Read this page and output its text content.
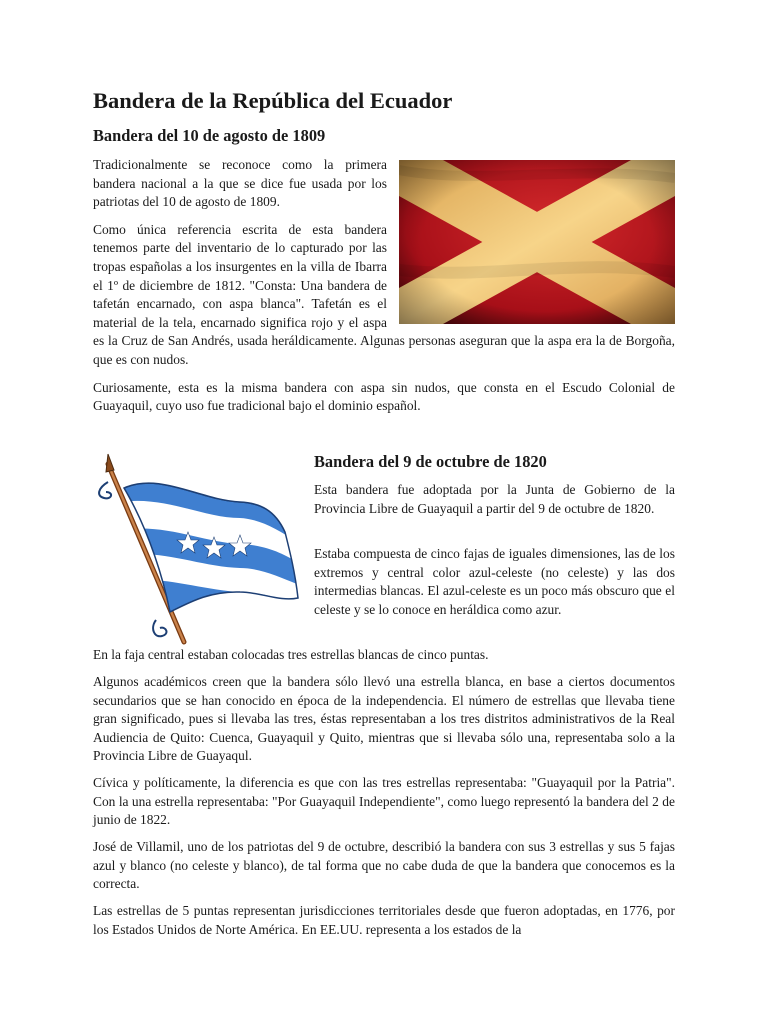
Bandera de la República del Ecuador
Bandera del 10 de agosto de 1809

Tradicionalmente se reconoce como la primera bandera nacional a la que se dice fue usada por los patriotas del 10 de agosto de 1809.

Como única referencia escrita de esta bandera tenemos parte del inventario de lo capturado por las tropas españolas a los insurgentes en la villa de Ibarra el 1º de diciembre de 1812. "Consta: Una bandera de tafetán encarnado, con aspa blanca". Tafetán es el material de la tela, encarnado significa rojo y el aspa es la Cruz de San Andrés, usada heráldicamente. Algunas personas aseguran que la aspa era la de Borgoña, que es con nudos.

Curiosamente, esta es la misma bandera con aspa sin nudos, que consta en el Escudo Colonial de Guayaquil, cuyo uso fue tradicional bajo el dominio español.

Bandera del 9 de octubre de 1820

Esta bandera fue adoptada por la Junta de Gobierno de la Provincia Libre de Guayaquil a partir del 9 de octubre de 1820.

Estaba compuesta de cinco fajas de iguales dimensiones, las de los extremos y central color azul-celeste (no celeste) y las dos intermedias blancas. El azul-celeste es un poco más obscuro que el celeste y se lo conoce en heráldica como azur.

En la faja central estaban colocadas tres estrellas blancas de cinco puntas.

Algunos académicos creen que la bandera sólo llevó una estrella blanca, en base a ciertos documentos secundarios que se han conocido en época de la independencia. El número de estrellas que llevaba tiene gran significado, pues si llevaba las tres, éstas representaban a los tres distritos administrativos de la Real Audiencia de Quito: Cuenca, Guayaquil y Quito, mientras que si llevaba sólo una, representaba solo a la Provincia Libre de Guayaqul.

Cívica y políticamente, la diferencia es que con las tres estrellas representaba: "Guayaquil por la Patria". Con la una estrella representaba: "Por Guayaquil Independiente", como luego representó la bandera del 2 de junio de 1822.

José de Villamil, uno de los patriotas del 9 de octubre, describió la bandera con sus 3 estrellas y sus 5 fajas azul y blanco (no celeste y blanco), de tal forma que no cabe duda de que la bandera que conocemos es la correcta.

Las estrellas de 5 puntas representan jurisdicciones territoriales desde que fueron adoptadas, en 1776, por los Estados Unidos de Norte América. En EE.UU. representa a los estados de la
